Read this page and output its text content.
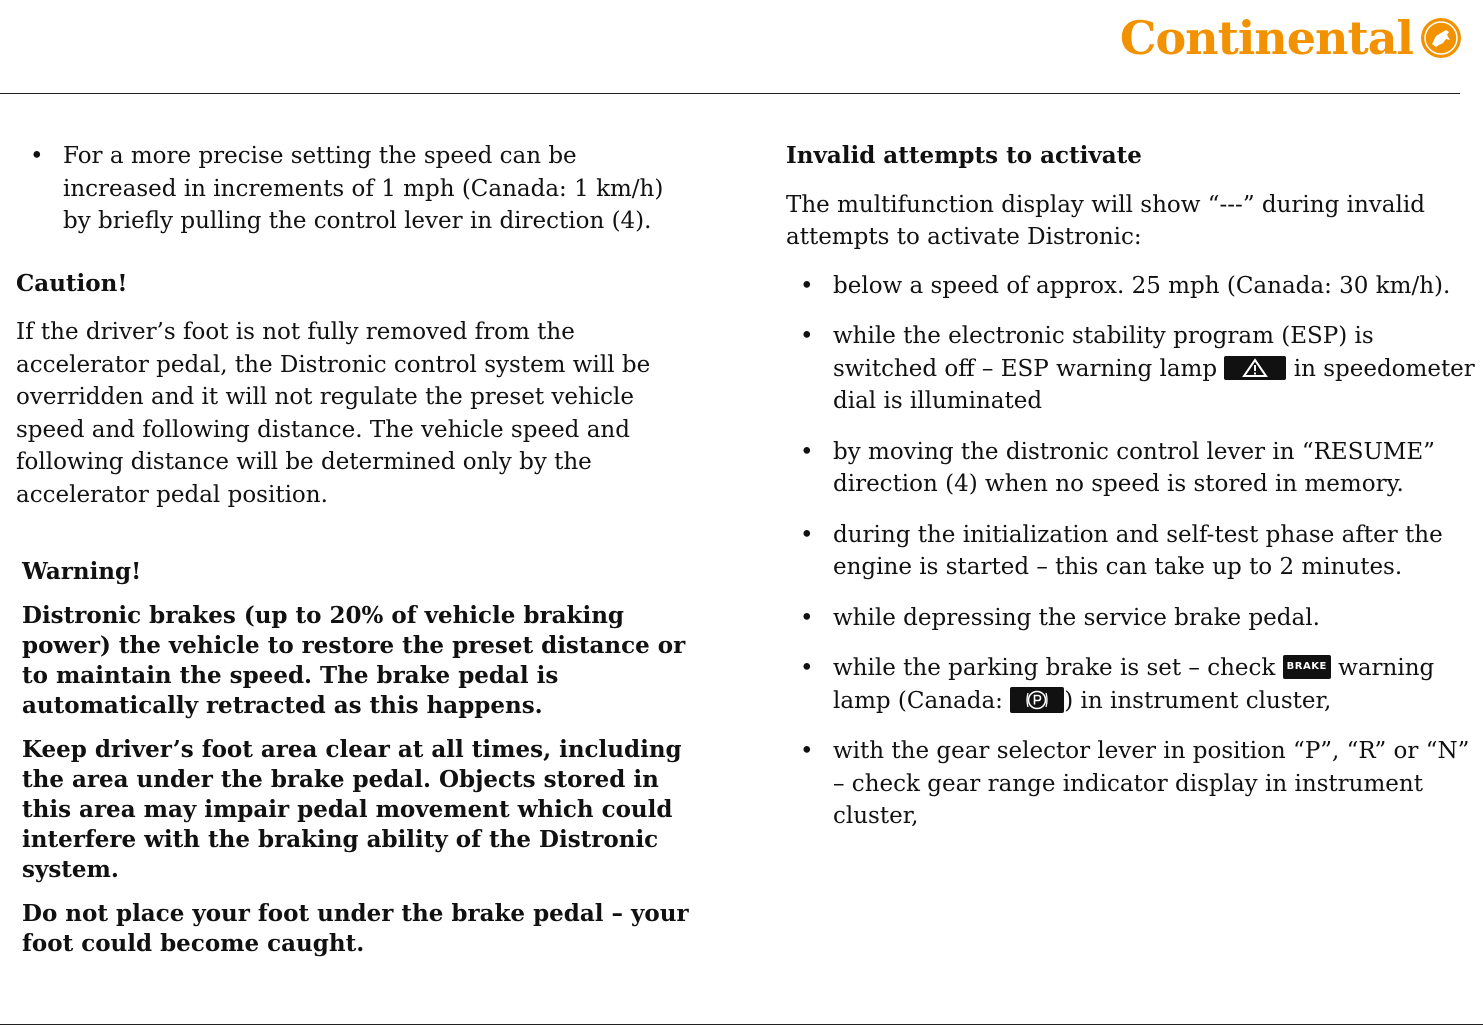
Continental
• For a more precise setting the speed can be increased in increments of 1 mph (Canada: 1 km/h) by briefly pulling the control lever in direction (4).

Caution!

If the driver’s foot is not fully removed from the accelerator pedal, the Distronic control system will be overridden and it will not regulate the preset vehicle speed and following distance. The vehicle speed and following distance will be determined only by the accelerator pedal position.

Warning!

Distronic brakes (up to 20% of vehicle braking power) the vehicle to restore the preset distance or to maintain the speed. The brake pedal is automatically retracted as this happens.

Keep driver’s foot area clear at all times, including the area under the brake pedal. Objects stored in this area may impair pedal movement which could interfere with the braking ability of the Distronic system.

Do not place your foot under the brake pedal – your foot could become caught.

Invalid attempts to activate

The multifunction display will show “---” during invalid attempts to activate Distronic:

• below a speed of approx. 25 mph (Canada: 30 km/h).
• while the electronic stability program (ESP) is switched off – ESP warning lamp	in speedometer dial is illuminated
• by moving the distronic control lever in “RESUME” direction (4) when no speed is stored in memory.
• during the initialization and self-test phase after the engine is started – this can take up to 2 minutes.
• while depressing the service brake pedal.
• while the parking brake is set – check BRAKE warning lamp (Canada:
) in instrument cluster,
• with the gear selector lever in position “P”, “R” or “N” – check gear range indicator display in instrument cluster,
